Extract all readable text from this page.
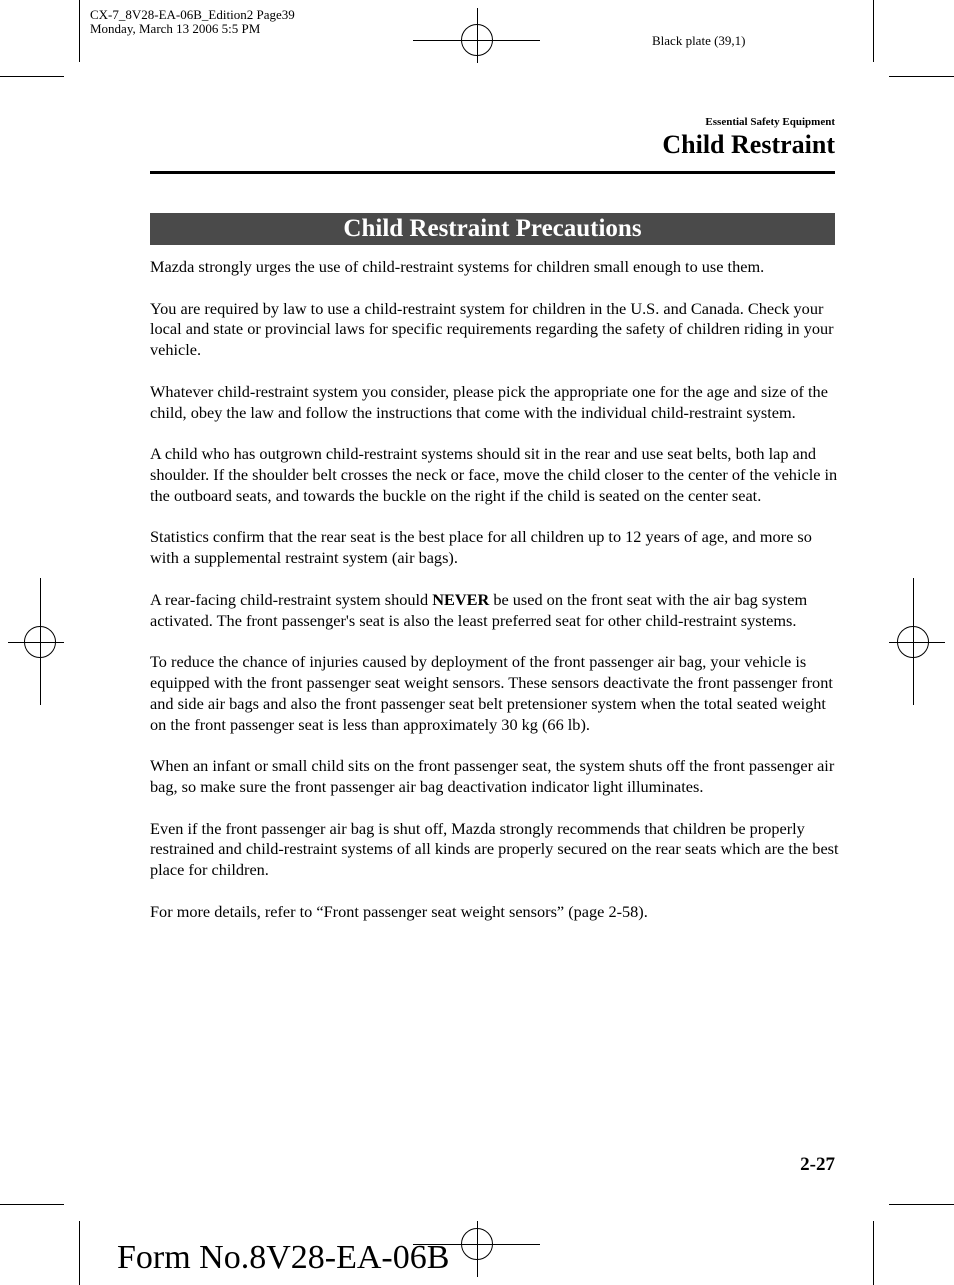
CX-7_8V28-EA-06B_Edition2 Page39
Monday, March 13 2006 5:5 PM
Black plate (39,1)
Essential Safety Equipment
Child Restraint
Child Restraint Precautions

Mazda strongly urges the use of child-restraint systems for children small enough to use them.

You are required by law to use a child-restraint system for children in the U.S. and Canada. Check your local and state or provincial laws for specific requirements regarding the safety of children riding in your vehicle.

Whatever child-restraint system you consider, please pick the appropriate one for the age and size of the child, obey the law and follow the instructions that come with the individual child-restraint system.

A child who has outgrown child-restraint systems should sit in the rear and use seat belts, both lap and shoulder. If the shoulder belt crosses the neck or face, move the child closer to the center of the vehicle in the outboard seats, and towards the buckle on the right if the child is seated on the center seat.

Statistics confirm that the rear seat is the best place for all children up to 12 years of age, and more so with a supplemental restraint system (air bags).

A rear-facing child-restraint system should NEVER be used on the front seat with the air bag system activated. The front passenger's seat is also the least preferred seat for other child-restraint systems.

To reduce the chance of injuries caused by deployment of the front passenger air bag, your vehicle is equipped with the front passenger seat weight sensors. These sensors deactivate the front passenger front and side air bags and also the front passenger seat belt pretensioner system when the total seated weight on the front passenger seat is less than approximately 30 kg (66 lb).

When an infant or small child sits on the front passenger seat, the system shuts off the front passenger air bag, so make sure the front passenger air bag deactivation indicator light illuminates.

Even if the front passenger air bag is shut off, Mazda strongly recommends that children be properly restrained and child-restraint systems of all kinds are properly secured on the rear seats which are the best place for children.

For more details, refer to “Front passenger seat weight sensors” (page 2-58).

2-27
Form No.8V28-EA-06B
